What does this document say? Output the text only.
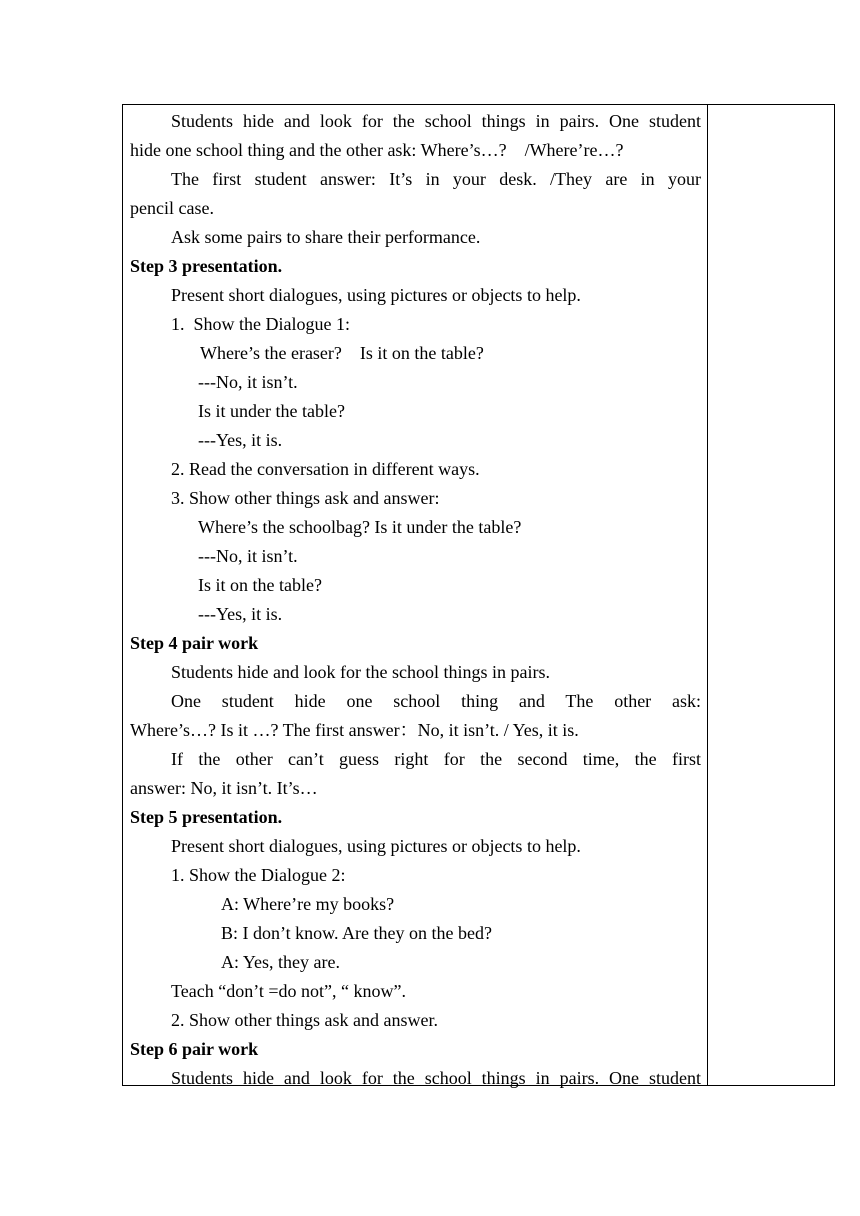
Students hide and look for the school things in pairs. One student
hide one school thing and the other ask: Where’s…?    /Where’re…?
The first student answer: It’s in your desk. /They are in your
pencil case.
Ask some pairs to share their performance.
Step 3 presentation.
Present short dialogues, using pictures or objects to help.
1.  Show the Dialogue 1:
Where’s the eraser?    Is it on the table?
---No, it isn’t.
Is it under the table?
---Yes, it is.
2. Read the conversation in different ways.
3. Show other things ask and answer:
Where’s the schoolbag? Is it under the table?
---No, it isn’t.
Is it on the table?
---Yes, it is.
Step 4 pair work
Students hide and look for the school things in pairs.
One student hide one school thing and The other ask:
Where’s…? Is it …? The first answer：No, it isn’t. / Yes, it is.
If the other can’t guess right for the second time, the first
answer: No, it isn’t. It’s…
Step 5 presentation.
Present short dialogues, using pictures or objects to help.
1. Show the Dialogue 2:
A: Where’re my books?
B: I don’t know. Are they on the bed?
A: Yes, they are.
Teach “don’t =do not”, “ know”.
2. Show other things ask and answer.
Step 6 pair work
Students hide and look for the school things in pairs. One student
